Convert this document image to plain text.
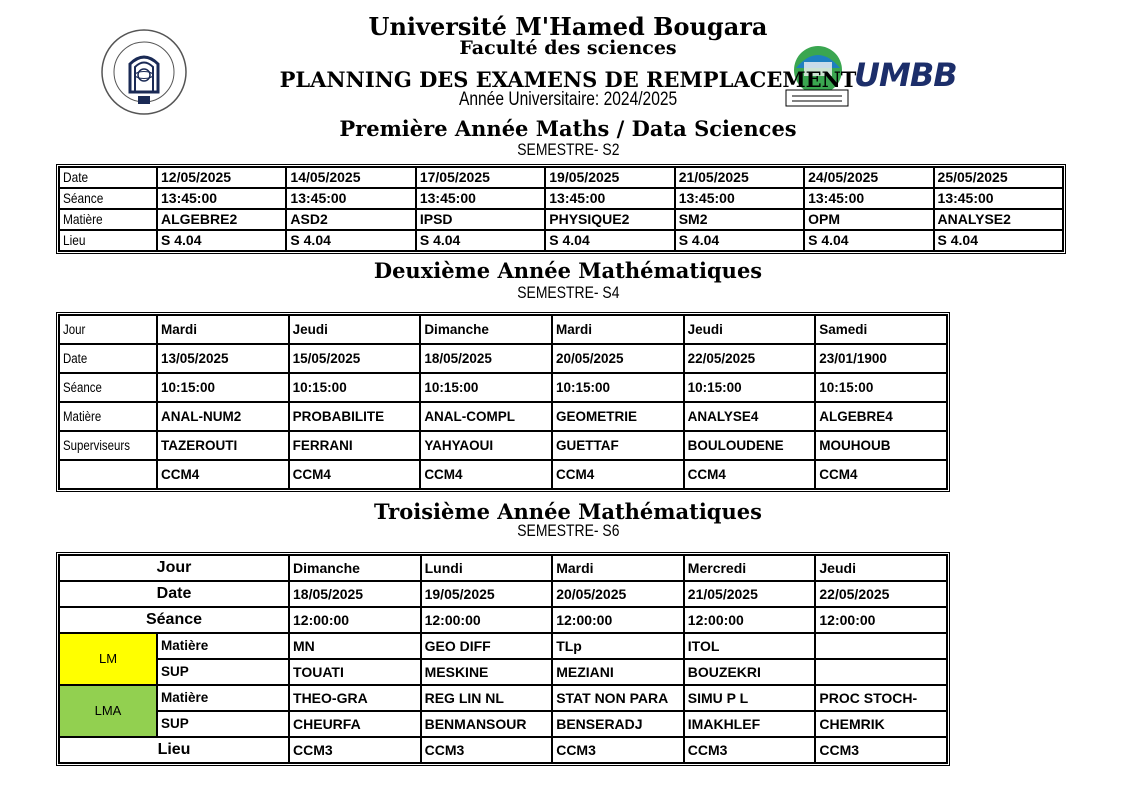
UMBB
Université M'Hamed Bougara
Faculté des sciences
PLANNING DES EXAMENS DE REMPLACEMENT
Année Universitaire: 2024/2025
Première Année Maths / Data Sciences
SEMESTRE- S2
Date	12/05/2025	14/05/2025	17/05/2025	19/05/2025	21/05/2025	24/05/2025	25/05/2025
Séance	13:45:00	13:45:00	13:45:00	13:45:00	13:45:00	13:45:00	13:45:00
Matière	ALGEBRE2	ASD2	IPSD	PHYSIQUE2	SM2	OPM	ANALYSE2
Lieu	S 4.04	S 4.04	S 4.04	S 4.04	S 4.04	S 4.04	S 4.04
Deuxième Année Mathématiques
SEMESTRE- S4
Jour	Mardi	Jeudi	Dimanche	Mardi	Jeudi	Samedi
Date	13/05/2025	15/05/2025	18/05/2025	20/05/2025	22/05/2025	23/01/1900
Séance	10:15:00	10:15:00	10:15:00	10:15:00	10:15:00	10:15:00
Matière	ANAL-NUM2	PROBABILITE	ANAL-COMPL	GEOMETRIE	ANALYSE4	ALGEBRE4
Superviseurs	TAZEROUTI	FERRANI	YAHYAOUI	GUETTAF	BOULOUDENE	MOUHOUB
	CCM4	CCM4	CCM4	CCM4	CCM4	CCM4
Troisième Année Mathématiques
SEMESTRE- S6
Jour		Dimanche	Lundi	Mardi	Mercredi	Jeudi
Date		18/05/2025	19/05/2025	20/05/2025	21/05/2025	22/05/2025
Séance		12:00:00	12:00:00	12:00:00	12:00:00	12:00:00
LM	Matière	MN	GEO DIFF	TLp	ITOL	
	SUP	TOUATI	MESKINE	MEZIANI	BOUZEKRI	
LMA	Matière	THEO-GRA	REG LIN NL	STAT NON PARA	SIMU P L	PROC STOCH-
	SUP	CHEURFA	BENMANSOUR	BENSERADJ	IMAKHLEF	CHEMRIK
Lieu		CCM3	CCM3	CCM3	CCM3	CCM3
